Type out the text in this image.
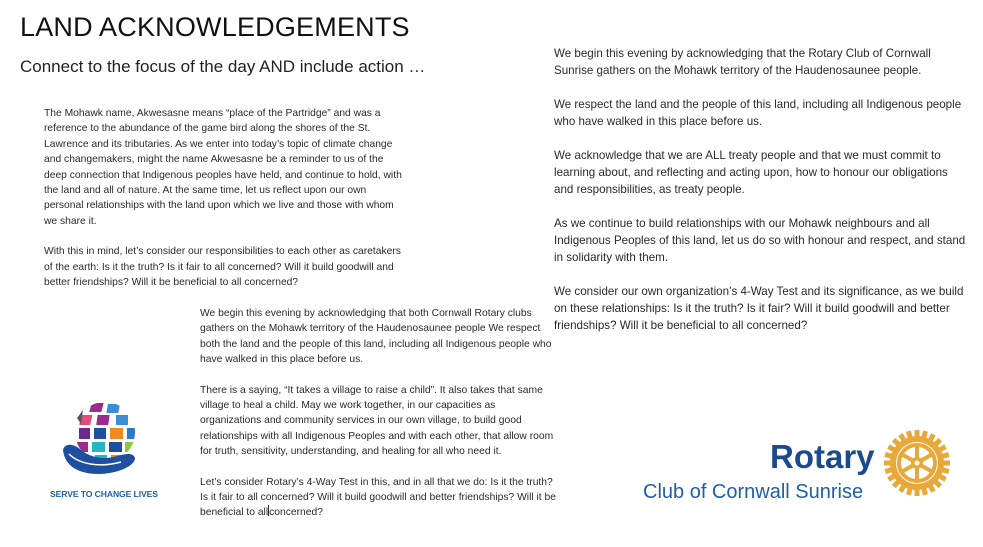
LAND ACKNOWLEDGEMENTS
Connect to the focus of the day AND include action …

The Mohawk name, Akwesasne means “place of the Partridge” and was a reference to the abundance of the game bird along the shores of the St. Lawrence and its tributaries. As we enter into today’s topic of climate change and changemakers, might the name Akwesasne be a reminder to us of the deep connection that Indigenous peoples have held, and continue to hold, with the land and all of nature. At the same time, let us reflect upon our own personal relationships with the land upon which we live and those with whom we share it.

With this in mind, let’s consider our responsibilities to each other as caretakers of the earth: Is it the truth? Is it fair to all concerned? Will it build goodwill and better friendships? Will it be beneficial to all concerned?

We begin this evening by acknowledging that both Cornwall Rotary clubs gathers on the Mohawk territory of the Haudenosaunee people We respect both the land and the people of this land, including all Indigenous people who have walked in this place before us.

There is a saying, “It takes a village to raise a child”. It also takes that same village to heal a child. May we work together, in our capacities as organizations and community services in our own village, to build good relationships with all Indigenous Peoples and with each other, that allow room for truth, sensitivity, understanding, and healing for all who need it.

Let’s consider Rotary’s 4-Way Test in this, and in all that we do: Is it the truth? Is it fair to all concerned? Will it build goodwill and better friendships? Will it be beneficial to allconcerned?

We begin this evening by acknowledging that the Rotary Club of Cornwall Sunrise gathers on the Mohawk territory of the Haudenosaunee people.

We respect the land and the people of this land, including all Indigenous people who have walked in this place before us.

We acknowledge that we are ALL treaty people and that we must commit to learning about, and reflecting and acting upon, how to honour our obligations and responsibilities, as treaty people.

As we continue to build relationships with our Mohawk neighbours and all Indigenous Peoples of this land, let us do so with honour and respect, and stand in solidarity with them.

We consider our own organization’s 4-Way Test and its significance, as we build on these relationships: Is it the truth? Is it fair? Will it build goodwill and better friendships? Will it be beneficial to all concerned?

SERVE TO CHANGE LIVES
Rotary
Club of Cornwall Sunrise
